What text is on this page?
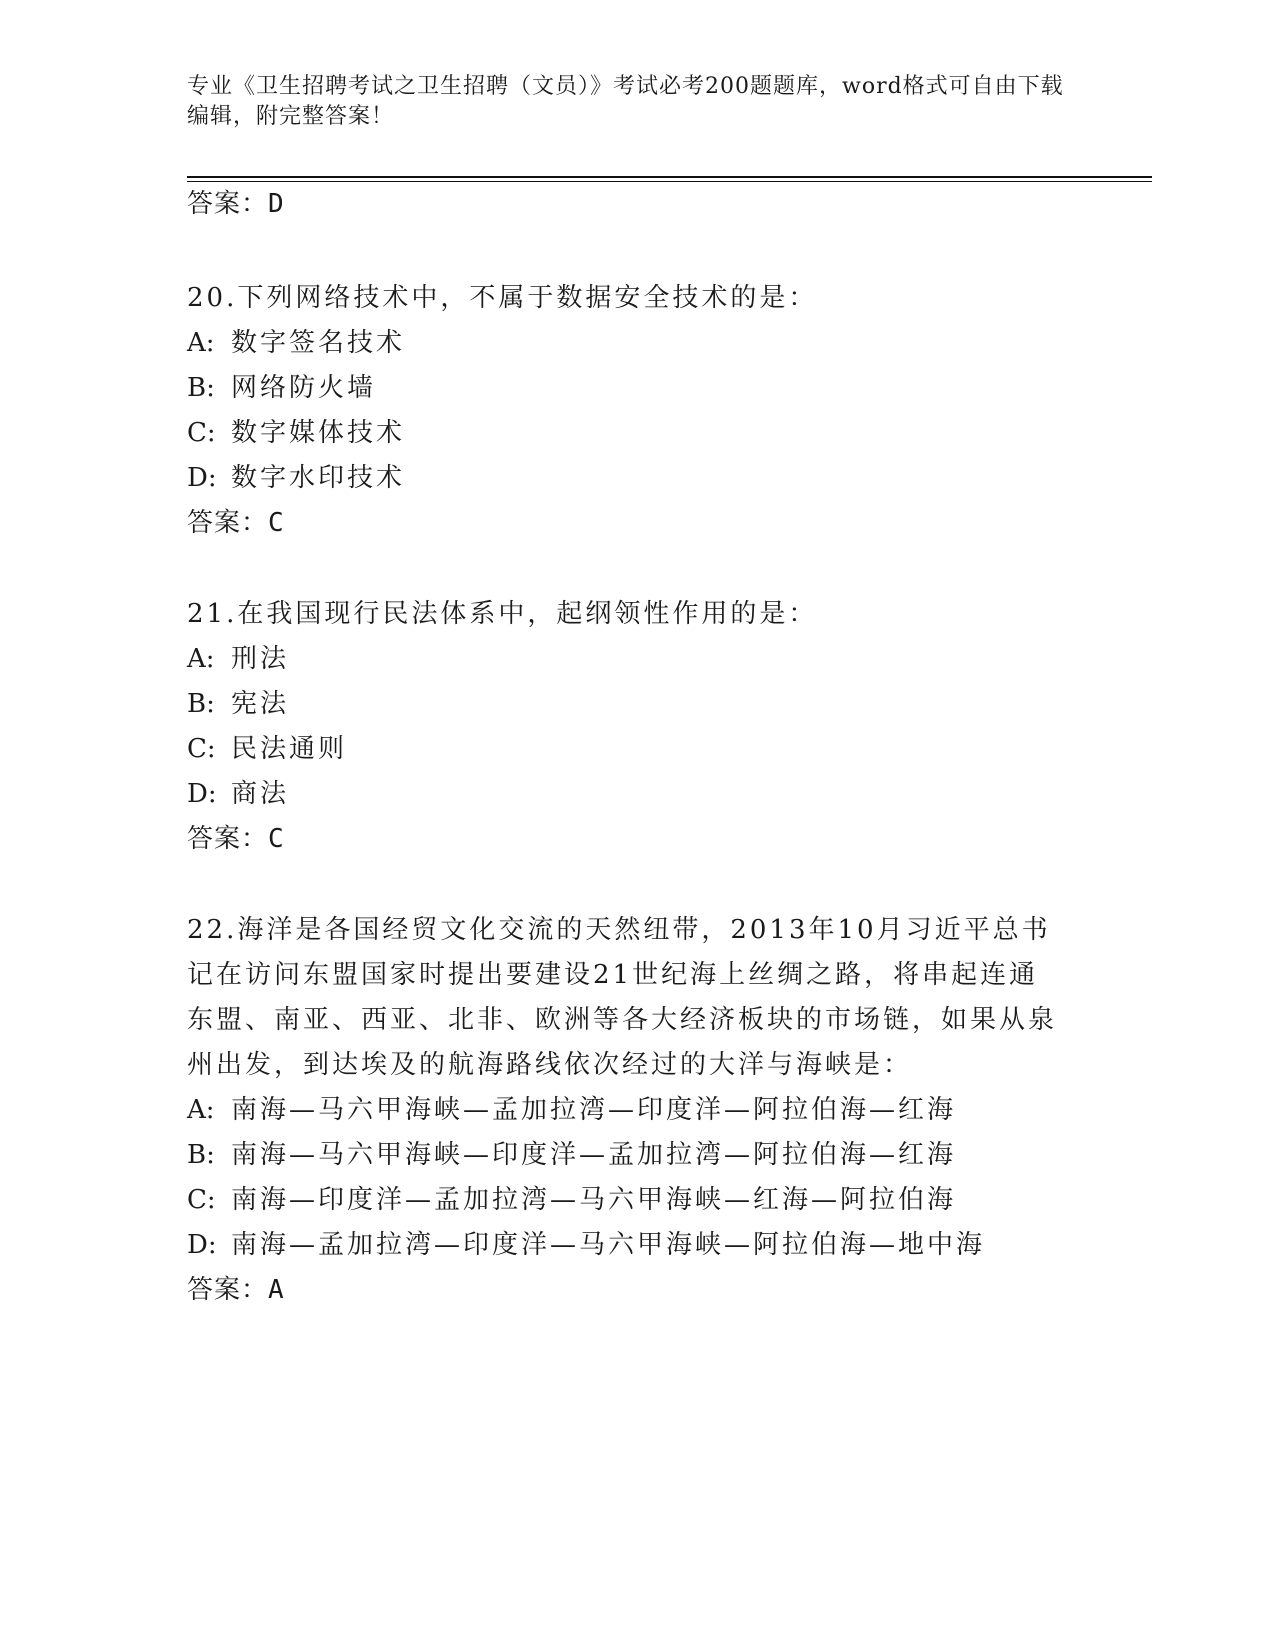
专业《卫生招聘考试之卫生招聘（文员）》考试必考200题题库，word格式可自由下载编辑，附完整答案！
答案：D

20.下列网络技术中，不属于数据安全技术的是：

A: 数字签名技术
B: 网络防火墙
C: 数字媒体技术
D: 数字水印技术
答案：C

21.在我国现行民法体系中，起纲领性作用的是：

A: 刑法
B: 宪法
C: 民法通则
D: 商法
答案：C

22.海洋是各国经贸文化交流的天然纽带，2013年10月习近平总书记在访问东盟国家时提出要建设21世纪海上丝绸之路，将串起连通东盟、南亚、西亚、北非、欧洲等各大经济板块的市场链，如果从泉州出发，到达埃及的航海路线依次经过的大洋与海峡是：

A: 南海—马六甲海峡—孟加拉湾—印度洋—阿拉伯海—红海
B: 南海—马六甲海峡—印度洋—孟加拉湾—阿拉伯海—红海
C: 南海—印度洋—孟加拉湾—马六甲海峡—红海—阿拉伯海
D: 南海—孟加拉湾—印度洋—马六甲海峡—阿拉伯海—地中海
答案：A
